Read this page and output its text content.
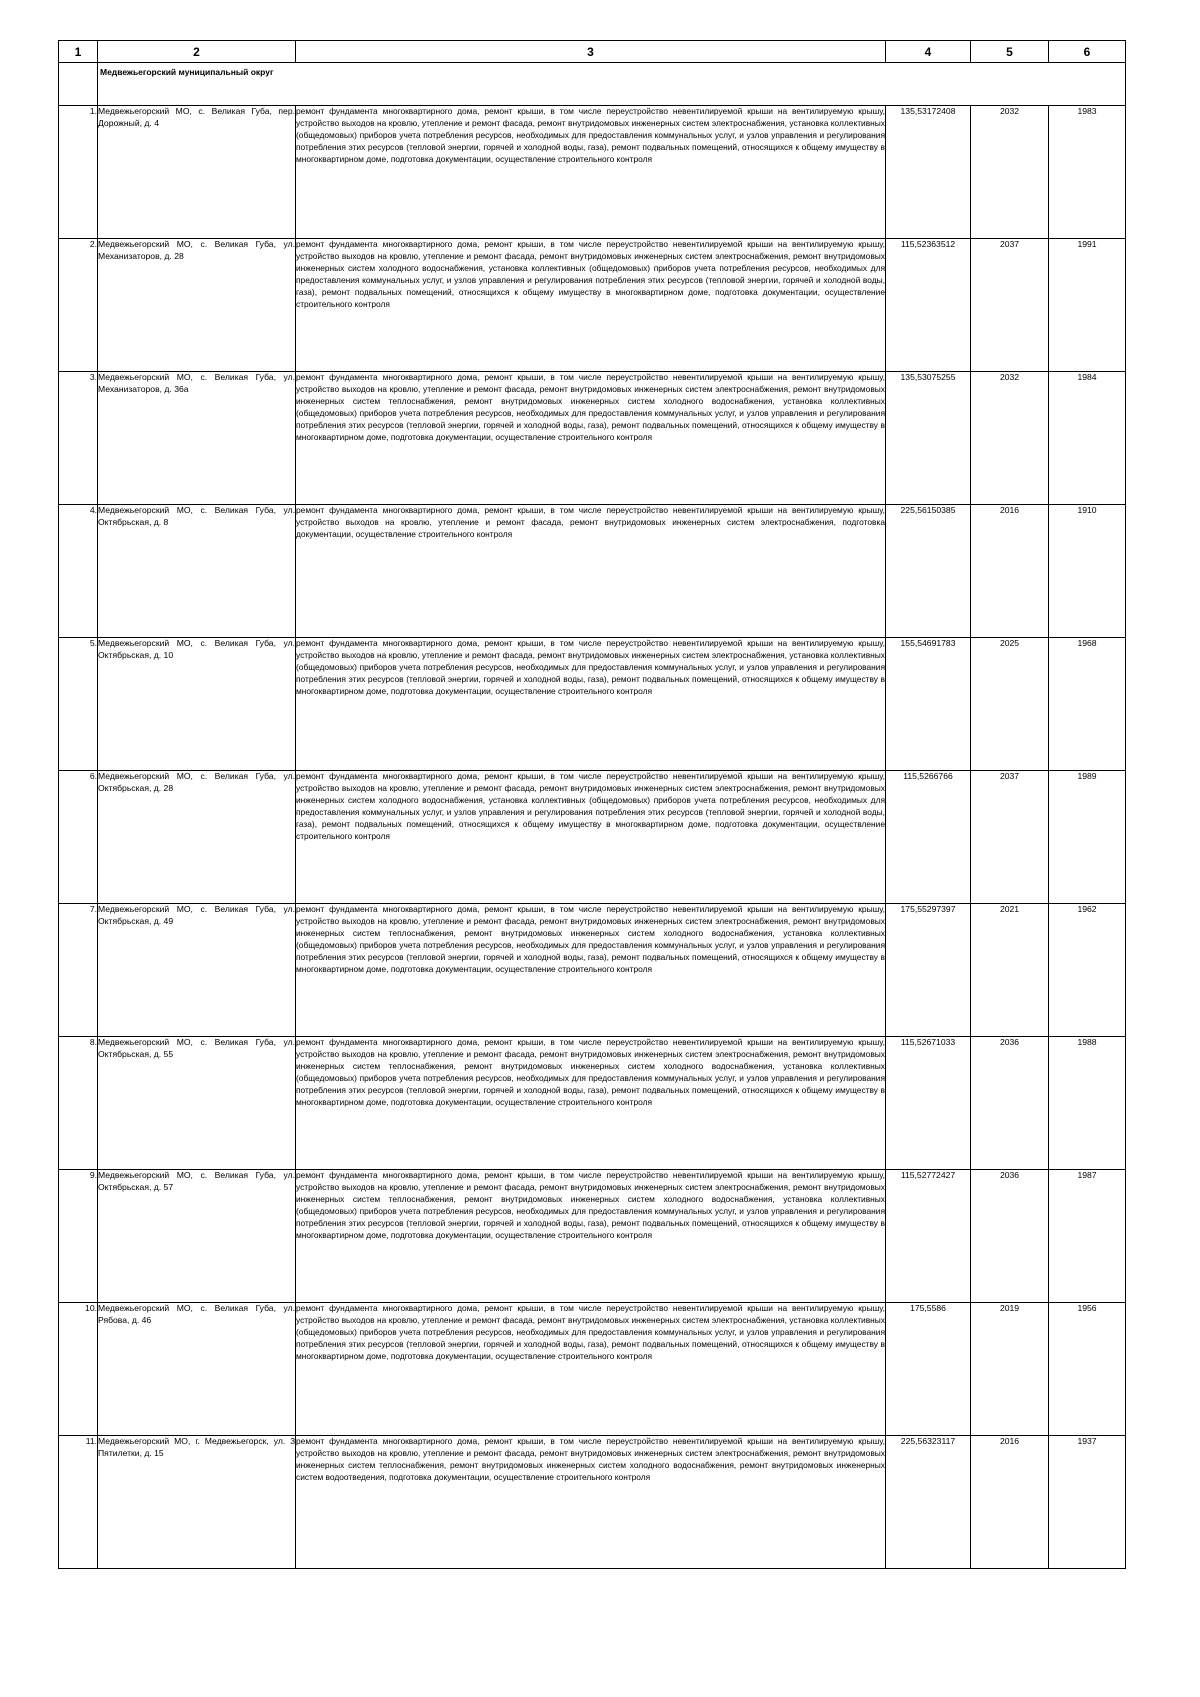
1	2	3	4	5	6

	Медвежьегорский муниципальный округ				

1.	Медвежьегорский МО, с. Великая Губа, пер. Дорожный, д. 4	ремонт фундамента многоквартирного дома, ремонт крыши, в том числе переустройство невентилируемой крыши на вентилируемую крышу, устройство выходов на кровлю, утепление и ремонт фасада, ремонт внутридомовых инженерных систем электроснабжения, установка коллективных (общедомовых) приборов учета потребления ресурсов, необходимых для предоставления коммунальных услуг, и узлов управления и регулирования потребления этих ресурсов (тепловой энергии, горячей и холодной воды, газа), ремонт подвальных помещений, относящихся к общему имуществу в многоквартирном доме, подготовка документации, осуществление строительного контроля	135,53172408	2032	1983
2.	Медвежьегорский МО, с. Великая Губа, ул. Механизаторов, д. 28	ремонт фундамента многоквартирного дома, ремонт крыши, в том числе переустройство невентилируемой крыши на вентилируемую крышу, устройство выходов на кровлю, утепление и ремонт фасада, ремонт внутридомовых инженерных систем электроснабжения, ремонт внутридомовых инженерных систем холодного водоснабжения, установка коллективных (общедомовых) приборов учета потребления ресурсов, необходимых для предоставления коммунальных услуг, и узлов управления и регулирования потребления этих ресурсов (тепловой энергии, горячей и холодной воды, газа), ремонт подвальных помещений, относящихся к общему имуществу в многоквартирном доме, подготовка документации, осуществление строительного контроля	115,52363512	2037	1991
3.	Медвежьегорский МО, с. Великая Губа, ул. Механизаторов, д. 36а	ремонт фундамента многоквартирного дома, ремонт крыши, в том числе переустройство невентилируемой крыши на вентилируемую крышу, устройство выходов на кровлю, утепление и ремонт фасада, ремонт внутридомовых инженерных систем электроснабжения, ремонт внутридомовых инженерных систем теплоснабжения, ремонт внутридомовых инженерных систем холодного водоснабжения, установка коллективных (общедомовых) приборов учета потребления ресурсов, необходимых для предоставления коммунальных услуг, и узлов управления и регулирования потребления этих ресурсов (тепловой энергии, горячей и холодной воды, газа), ремонт подвальных помещений, относящихся к общему имуществу в многоквартирном доме, подготовка документации, осуществление строительного контроля	135,53075255	2032	1984
4.	Медвежьегорский МО, с. Великая Губа, ул. Октябрьская, д. 8	ремонт фундамента многоквартирного дома, ремонт крыши, в том числе переустройство невентилируемой крыши на вентилируемую крышу, устройство выходов на кровлю, утепление и ремонт фасада, ремонт внутридомовых инженерных систем электроснабжения, подготовка документации, осуществление строительного контроля	225,56150385	2016	1910
5.	Медвежьегорский МО, с. Великая Губа, ул. Октябрьская, д. 10	ремонт фундамента многоквартирного дома, ремонт крыши, в том числе переустройство невентилируемой крыши на вентилируемую крышу, устройство выходов на кровлю, утепление и ремонт фасада, ремонт внутридомовых инженерных систем электроснабжения, установка коллективных (общедомовых) приборов учета потребления ресурсов, необходимых для предоставления коммунальных услуг, и узлов управления и регулирования потребления этих ресурсов (тепловой энергии, горячей и холодной воды, газа), ремонт подвальных помещений, относящихся к общему имуществу в многоквартирном доме, подготовка документации, осуществление строительного контроля	155,54691783	2025	1968
6.	Медвежьегорский МО, с. Великая Губа, ул. Октябрьская, д. 28	ремонт фундамента многоквартирного дома, ремонт крыши, в том числе переустройство невентилируемой крыши на вентилируемую крышу, устройство выходов на кровлю, утепление и ремонт фасада, ремонт внутридомовых инженерных систем электроснабжения, ремонт внутридомовых инженерных систем холодного водоснабжения, установка коллективных (общедомовых) приборов учета потребления ресурсов, необходимых для предоставления коммунальных услуг, и узлов управления и регулирования потребления этих ресурсов (тепловой энергии, горячей и холодной воды, газа), ремонт подвальных помещений, относящихся к общему имуществу в многоквартирном доме, подготовка документации, осуществление строительного контроля	115,5266766	2037	1989
7.	Медвежьегорский МО, с. Великая Губа, ул. Октябрьская, д. 49	ремонт фундамента многоквартирного дома, ремонт крыши, в том числе переустройство невентилируемой крыши на вентилируемую крышу, устройство выходов на кровлю, утепление и ремонт фасада, ремонт внутридомовых инженерных систем электроснабжения, ремонт внутридомовых инженерных систем теплоснабжения, ремонт внутридомовых инженерных систем холодного водоснабжения, установка коллективных (общедомовых) приборов учета потребления ресурсов, необходимых для предоставления коммунальных услуг, и узлов управления и регулирования потребления этих ресурсов (тепловой энергии, горячей и холодной воды, газа), ремонт подвальных помещений, относящихся к общему имуществу в многоквартирном доме, подготовка документации, осуществление строительного контроля	175,55297397	2021	1962
8.	Медвежьегорский МО, с. Великая Губа, ул. Октябрьская, д. 55	ремонт фундамента многоквартирного дома, ремонт крыши, в том числе переустройство невентилируемой крыши на вентилируемую крышу, устройство выходов на кровлю, утепление и ремонт фасада, ремонт внутридомовых инженерных систем электроснабжения, ремонт внутридомовых инженерных систем теплоснабжения, ремонт внутридомовых инженерных систем холодного водоснабжения, установка коллективных (общедомовых) приборов учета потребления ресурсов, необходимых для предоставления коммунальных услуг, и узлов управления и регулирования потребления этих ресурсов (тепловой энергии, горячей и холодной воды, газа), ремонт подвальных помещений, относящихся к общему имуществу в многоквартирном доме, подготовка документации, осуществление строительного контроля	115,52671033	2036	1988
9.	Медвежьегорский МО, с. Великая Губа, ул. Октябрьская, д. 57	ремонт фундамента многоквартирного дома, ремонт крыши, в том числе переустройство невентилируемой крыши на вентилируемую крышу, устройство выходов на кровлю, утепление и ремонт фасада, ремонт внутридомовых инженерных систем электроснабжения, ремонт внутридомовых инженерных систем теплоснабжения, ремонт внутридомовых инженерных систем холодного водоснабжения, установка коллективных (общедомовых) приборов учета потребления ресурсов, необходимых для предоставления коммунальных услуг, и узлов управления и регулирования потребления этих ресурсов (тепловой энергии, горячей и холодной воды, газа), ремонт подвальных помещений, относящихся к общему имуществу в многоквартирном доме, подготовка документации, осуществление строительного контроля	115,52772427	2036	1987
10.	Медвежьегорский МО, с. Великая Губа, ул. Рябова, д. 46	ремонт фундамента многоквартирного дома, ремонт крыши, в том числе переустройство невентилируемой крыши на вентилируемую крышу, устройство выходов на кровлю, утепление и ремонт фасада, ремонт внутридомовых инженерных систем электроснабжения, установка коллективных (общедомовых) приборов учета потребления ресурсов, необходимых для предоставления коммунальных услуг, и узлов управления и регулирования потребления этих ресурсов (тепловой энергии, горячей и холодной воды, газа), ремонт подвальных помещений, относящихся к общему имуществу в многоквартирном доме, подготовка документации, осуществление строительного контроля	175,5586	2019	1956
11.	Медвежьегорский МО, г. Медвежьегорск, ул. 3 Пятилетки, д. 15	ремонт фундамента многоквартирного дома, ремонт крыши, в том числе переустройство невентилируемой крыши на вентилируемую крышу, устройство выходов на кровлю, утепление и ремонт фасада, ремонт внутридомовых инженерных систем электроснабжения, ремонт внутридомовых инженерных систем теплоснабжения, ремонт внутридомовых инженерных систем холодного водоснабжения, ремонт внутридомовых инженерных систем водоотведения, подготовка документации, осуществление строительного контроля	225,56323117	2016	1937
